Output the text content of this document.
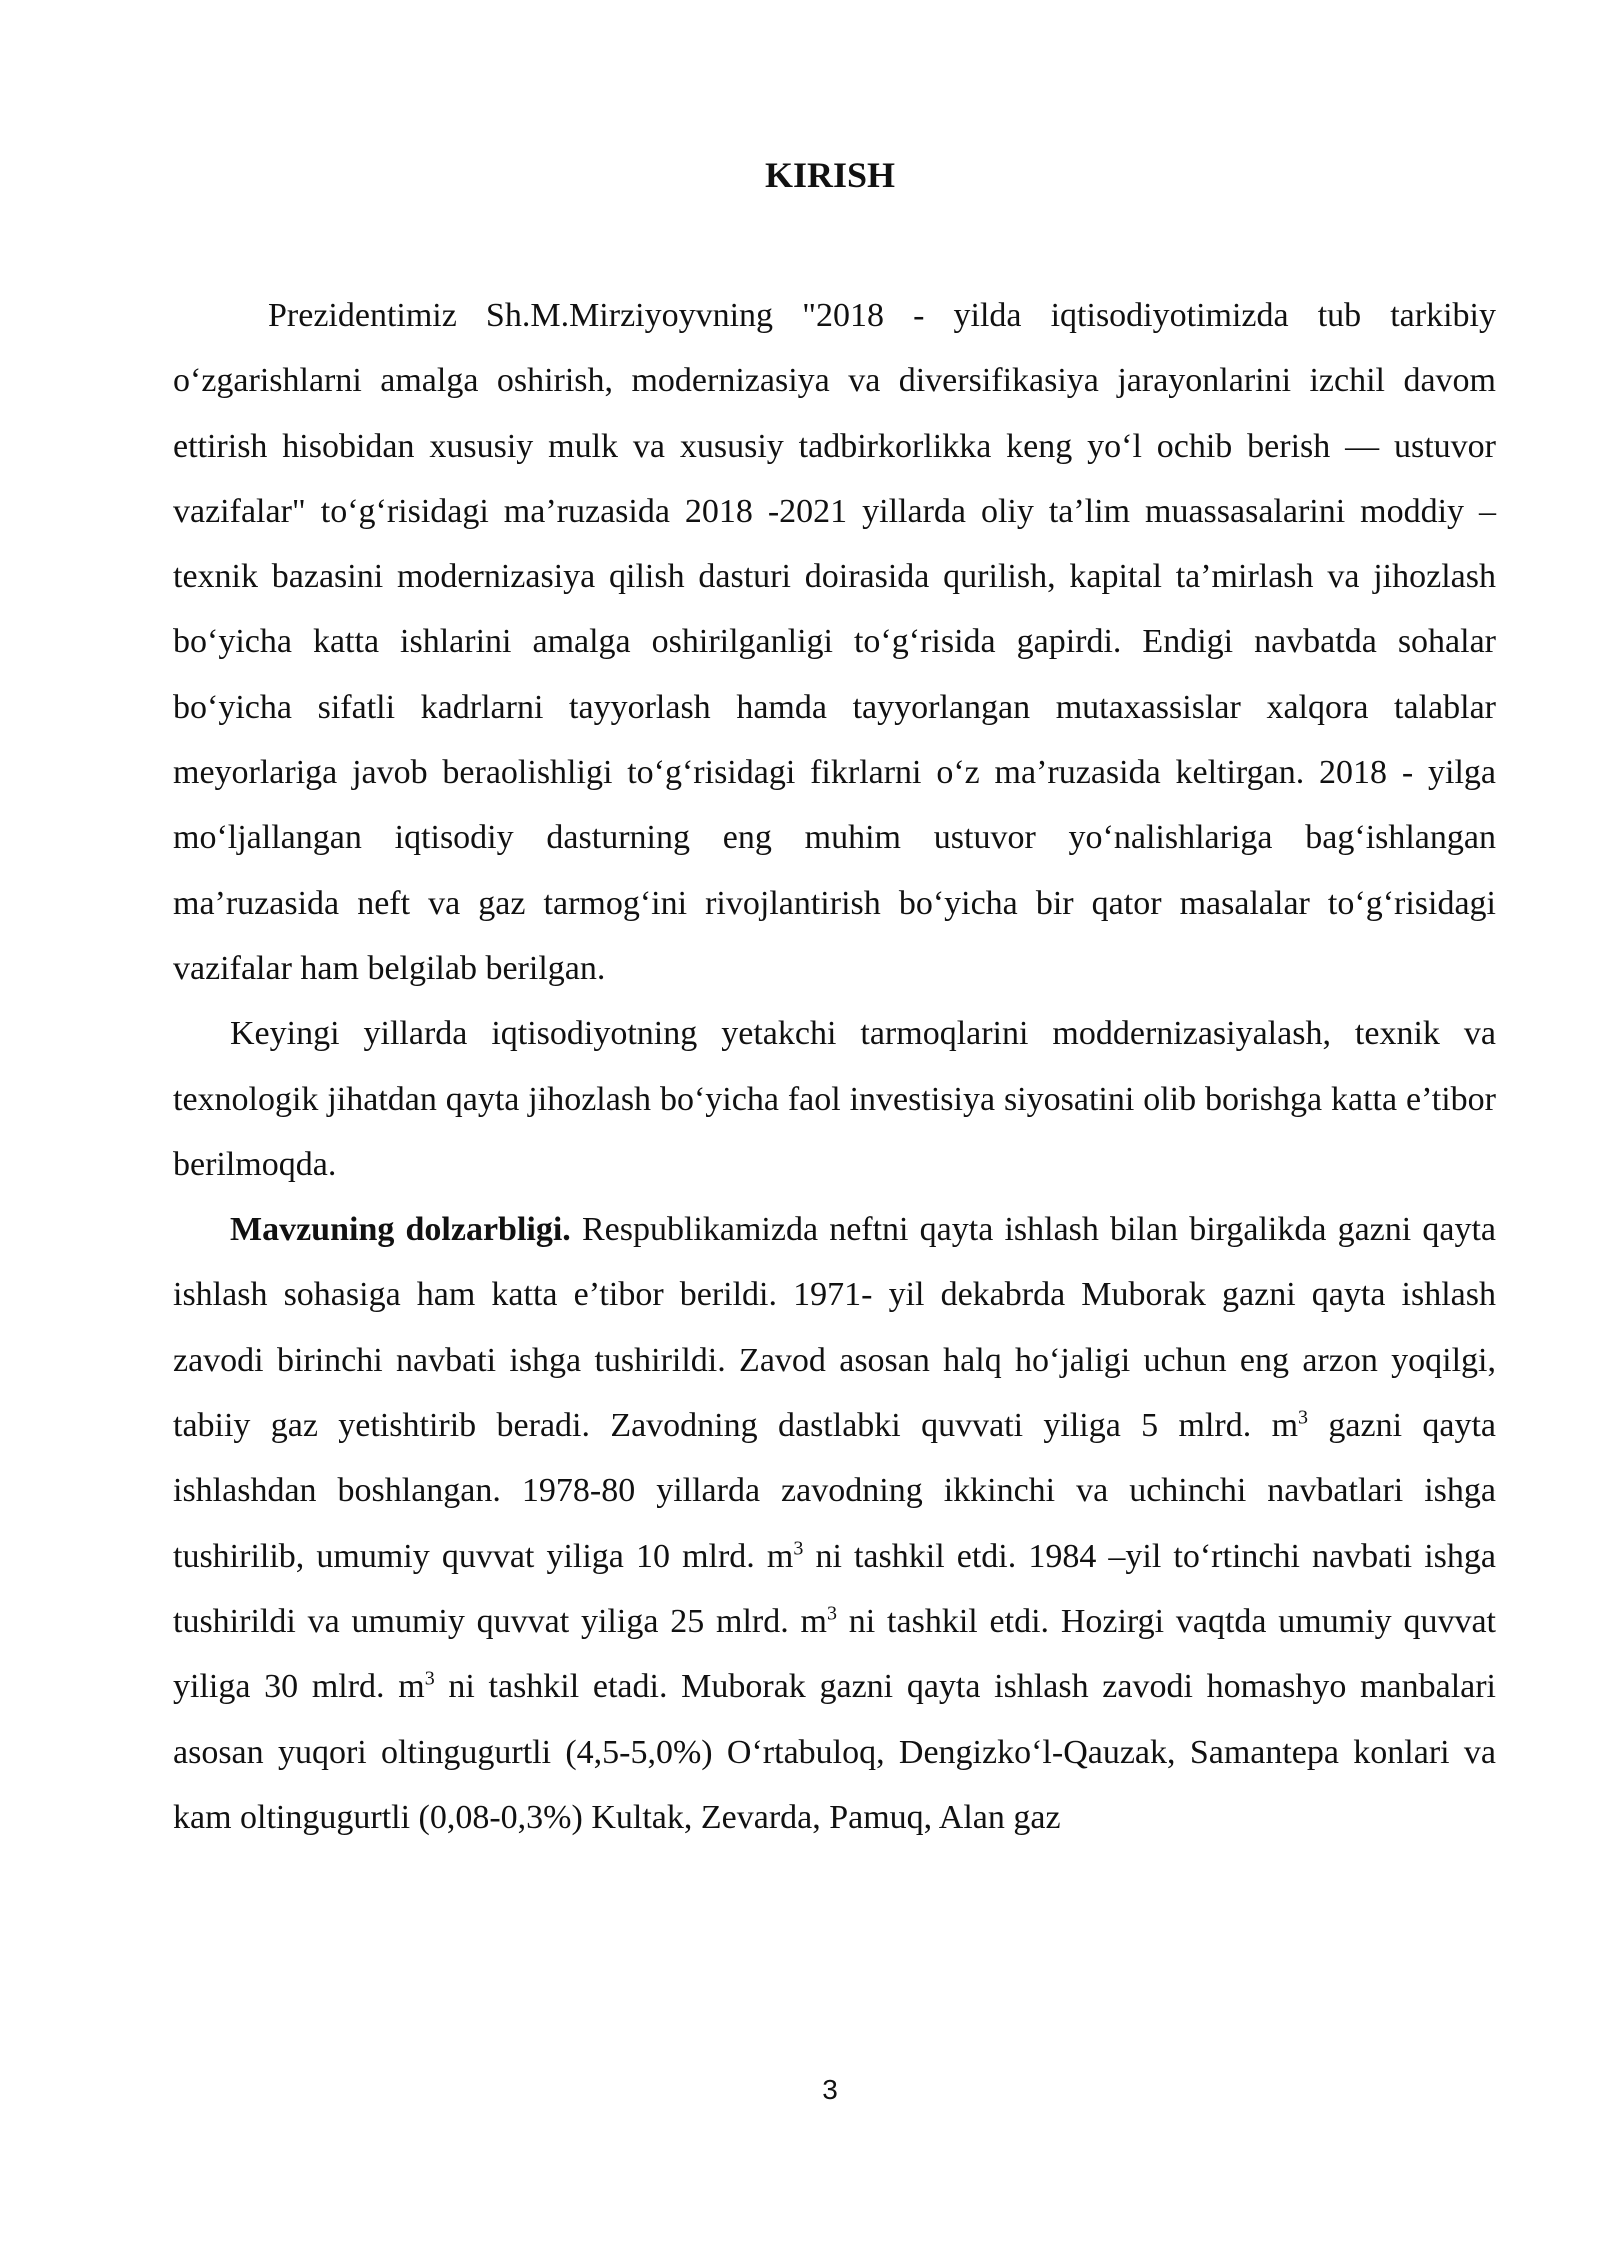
KIRISH

Prezidentimiz Sh.M.Mirziyoyvning "2018 - yilda iqtisodiyotimizda tub tarkibiy o‘zgarishlarni amalga oshirish, modernizasiya va diversifikasiya jarayonlarini izchil davom ettirish hisobidan xususiy mulk va xususiy tadbirkorlikka keng yo‘l ochib berish — ustuvor vazifalar" to‘g‘risidagi ma’ruzasida 2018 -2021 yillarda oliy ta’lim muassasalarini moddiy – texnik bazasini modernizasiya qilish dasturi doirasida qurilish, kapital ta’mirlash va jihozlash bo‘yicha katta ishlarini amalga oshirilganligi to‘g‘risida gapirdi. Endigi navbatda sohalar bo‘yicha sifatli kadrlarni tayyorlash hamda tayyorlangan mutaxassislar xalqora talablar meyorlariga javob beraolishligi to‘g‘risidagi fikrlarni o‘z ma’ruzasida keltirgan. 2018 - yilga mo‘ljallangan iqtisodiy dasturning eng muhim ustuvor yo‘nalishlariga bag‘ishlangan ma’ruzasida neft va gaz tarmog‘ini rivojlantirish bo‘yicha bir qator masalalar to‘g‘risidagi vazifalar ham belgilab berilgan.

Keyingi yillarda iqtisodiyotning yetakchi tarmoqlarini moddernizasiyalash, texnik va texnologik jihatdan qayta jihozlash bo‘yicha faol investisiya siyosatini olib borishga katta e’tibor berilmoqda.

Mavzuning dolzarbligi. Respublikamizda neftni qayta ishlash bilan birgalikda gazni qayta ishlash sohasiga ham katta e’tibor berildi. 1971- yil dekabrda Muborak gazni qayta ishlash zavodi birinchi navbati ishga tushirildi. Zavod asosan halq ho‘jaligi uchun eng arzon yoqilgi, tabiiy gaz yetishtirib beradi. Zavodning dastlabki quvvati yiliga 5 mlrd. $m^3$ gazni qayta ishlashdan boshlangan. 1978-80 yillarda zavodning ikkinchi va uchinchi navbatlari ishga tushirilib, umumiy quvvat yiliga 10 mlrd. $m^3$ ni tashkil etdi. 1984 –yil to‘rtinchi navbati ishga tushirildi va umumiy quvvat yiliga 25 mlrd. $m^3$ ni tashkil etdi. Hozirgi vaqtda umumiy quvvat yiliga 30 mlrd. $m^3$ ni tashkil etadi. Muborak gazni qayta ishlash zavodi homashyo manbalari asosan yuqori oltingugurtli (4,5-5,0%) O‘rtabuloq, Dengizko‘l-Qauzak, Samantepa konlari va kam oltingugurtli (0,08-0,3%) Kultak, Zevarda, Pamuq, Alan gaz

3
